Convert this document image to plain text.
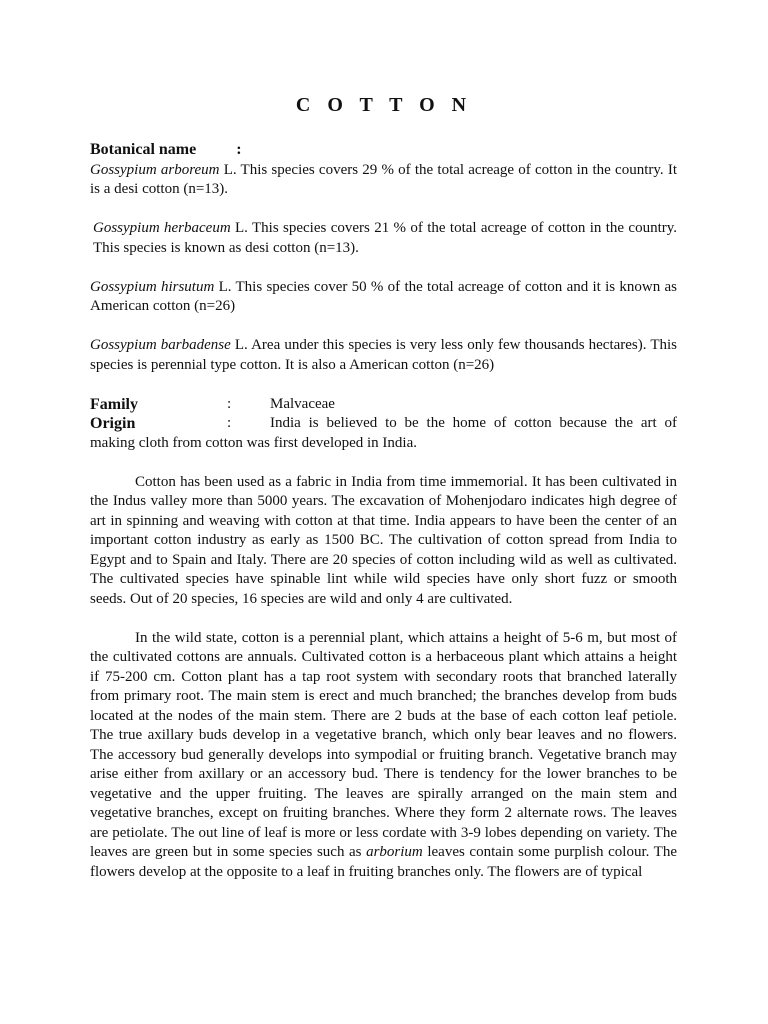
C O T T O N
Botanical name	:

Gossypium arboreum L. This species covers 29 % of the total acreage of cotton in the country. It is a desi cotton (n=13).

Gossypium herbaceum L. This species covers 21 % of the total acreage of cotton in the country. This species is known as desi cotton (n=13).

Gossypium hirsutum L. This species cover 50 % of the total acreage of cotton and it is known as American cotton (n=26)

Gossypium barbadense L. Area under this species is very less only few thousands hectares). This species is perennial type cotton. It is also a American cotton (n=26)

Family	:	Malvaceae
Origin	:	India is believed to be the home of cotton because the art of

making cloth from cotton was first developed in India.

Cotton has been used as a fabric in India from time immemorial. It has been cultivated in the Indus valley more than 5000 years. The excavation of Mohenjodaro indicates high degree of art in spinning and weaving with cotton at that time. India appears to have been the center of an important cotton industry as early as 1500 BC. The cultivation of cotton spread from India to Egypt and to Spain and Italy. There are 20 species of cotton including wild as well as cultivated. The cultivated species have spinable lint while wild species have only short fuzz or smooth seeds. Out of 20 species, 16 species are wild and only 4 are cultivated.

In the wild state, cotton is a perennial plant, which attains a height of 5-6 m, but most of the cultivated cottons are annuals. Cultivated cotton is a herbaceous plant which attains a height if 75-200 cm. Cotton plant has a tap root system with secondary roots that branched laterally from primary root. The main stem is erect and much branched; the branches develop from buds located at the nodes of the main stem. There are 2 buds at the base of each cotton leaf petiole. The true axillary buds develop in a vegetative branch, which only bear leaves and no flowers. The accessory bud generally develops into sympodial or fruiting branch. Vegetative branch may arise either from axillary or an accessory bud. There is tendency for the lower branches to be vegetative and the upper fruiting. The leaves are spirally arranged on the main stem and vegetative branches, except on fruiting branches. Where they form 2 alternate rows. The leaves are petiolate. The out line of leaf is more or less cordate with 3-9 lobes depending on variety. The leaves are green but in some species such as arborium leaves contain some purplish colour. The flowers develop at the opposite to a leaf in fruiting branches only. The flowers are of typical
